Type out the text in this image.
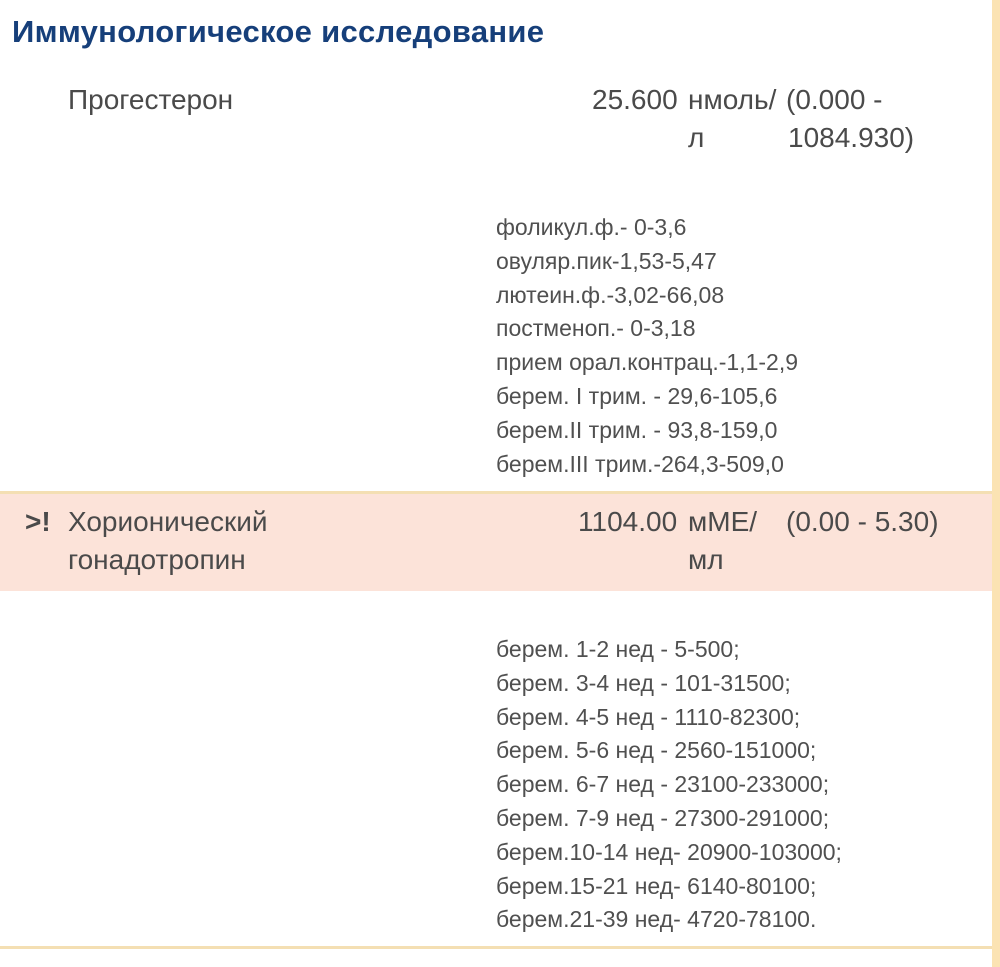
Иммунологическое исследование
Прогестерон	25.600 нмоль/
л
(0.000 -
1084.930)
фоликул.ф.- 0-3,6
овуляр.пик-1,53-5,47
лютеин.ф.-3,02-66,08
постменоп.- 0-3,18
прием орал.контрац.-1,1-2,9
берем. I трим. - 29,6-105,6
берем.II трим. - 93,8-159,0
берем.III трим.-264,3-509,0
>! Хорионический
гонадотропин
1104.00 мМЕ/
мл
(0.00 - 5.30)
берем. 1-2 нед - 5-500;
берем. 3-4 нед - 101-31500;
берем. 4-5 нед - 1110-82300;
берем. 5-6 нед - 2560-151000;
берем. 6-7 нед - 23100-233000;
берем. 7-9 нед - 27300-291000;
берем.10-14 нед- 20900-103000;
берем.15-21 нед- 6140-80100;
берем.21-39 нед- 4720-78100.
